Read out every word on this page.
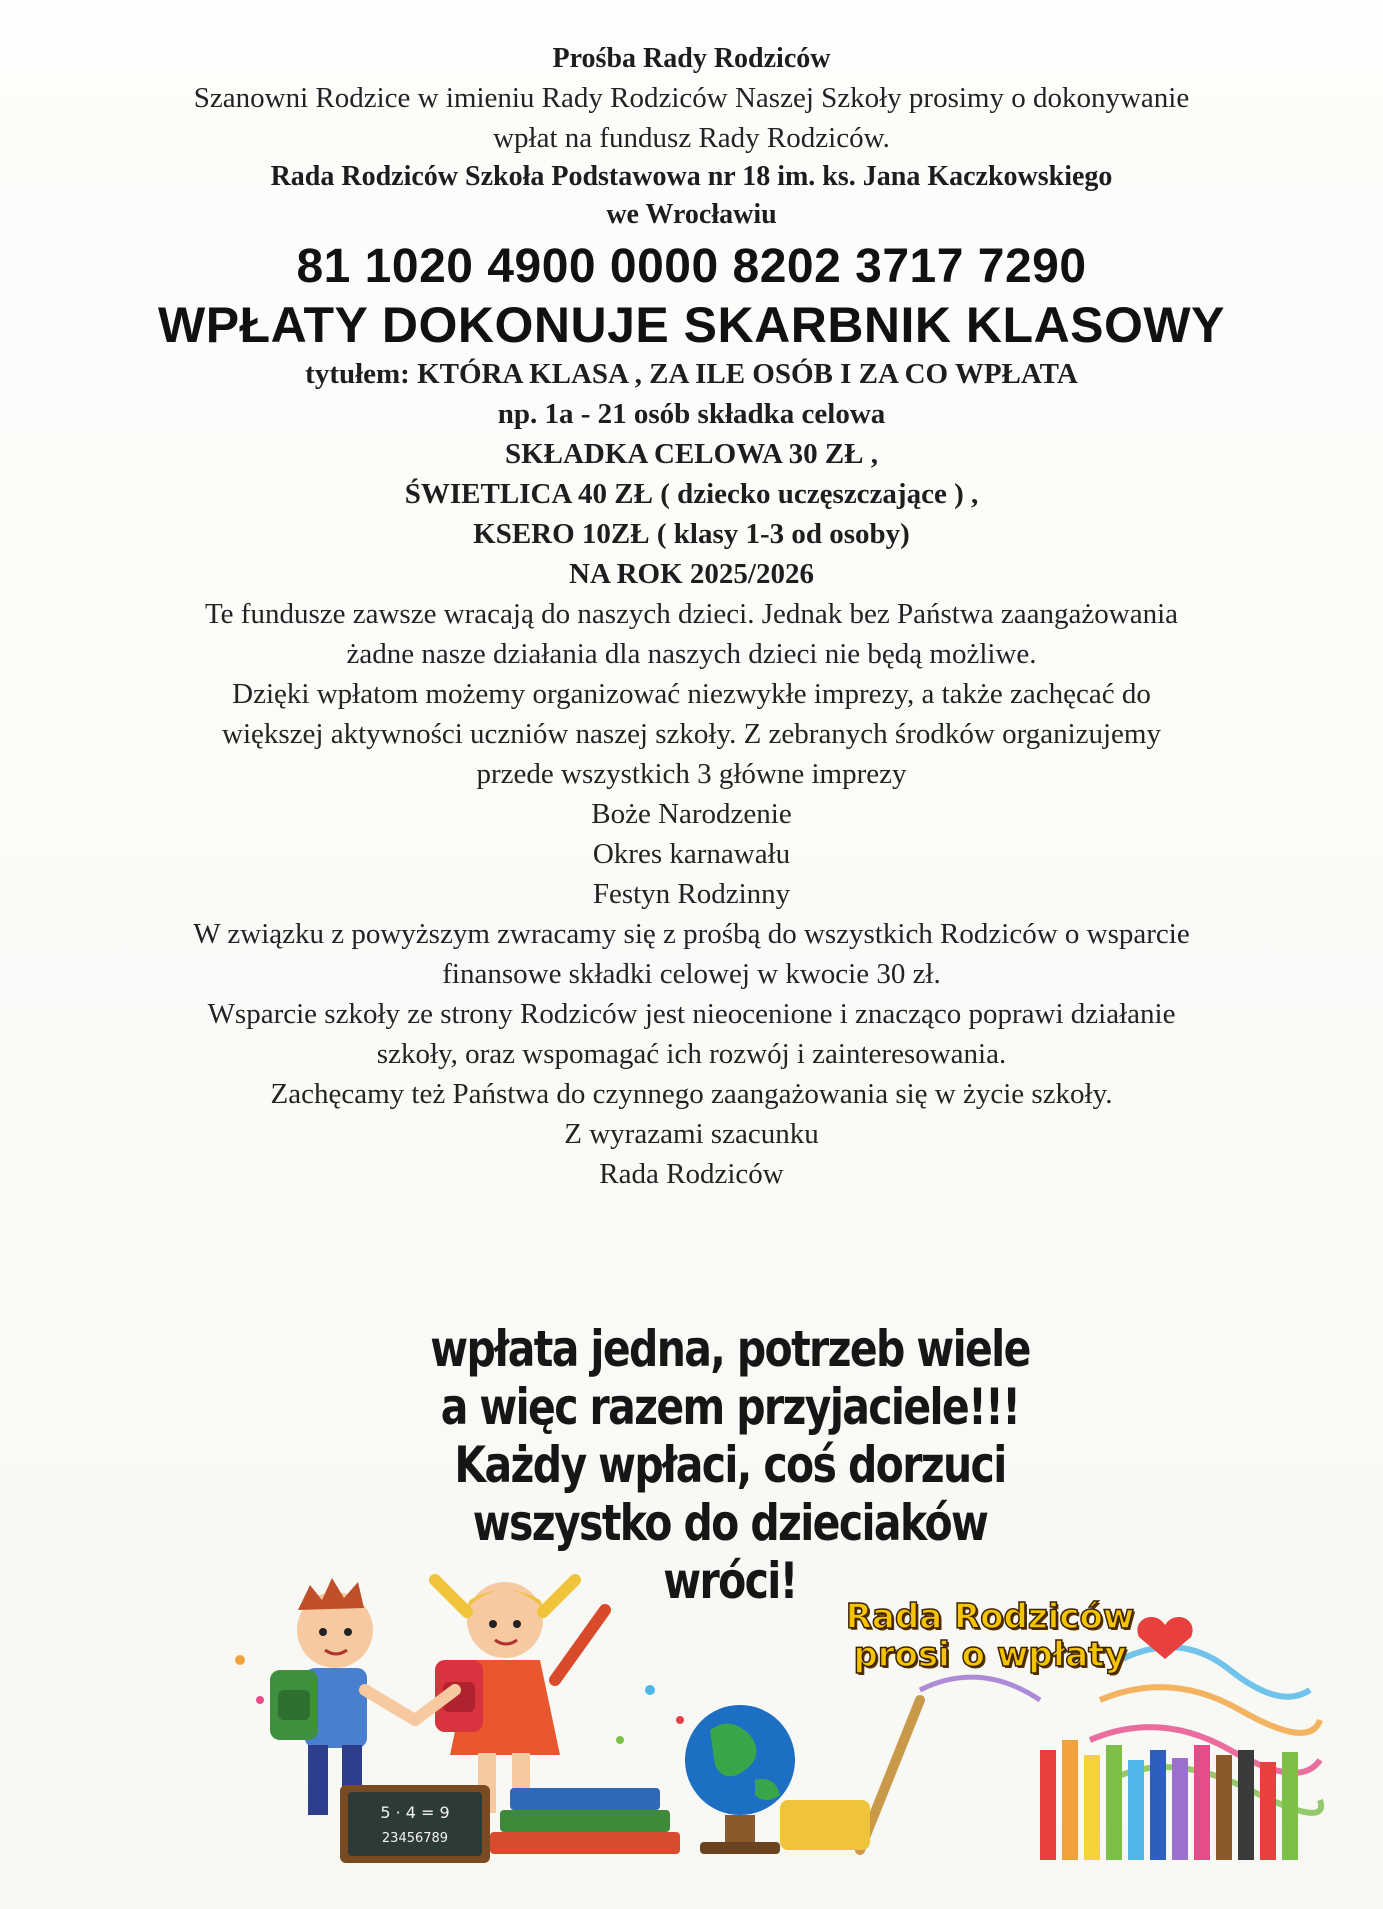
Prośba Rady Rodziców
Szanowni Rodzice w imieniu Rady Rodziców Naszej Szkoły prosimy o dokonywanie
wpłat na fundusz Rady Rodziców.
Rada Rodziców Szkoła Podstawowa nr 18 im. ks. Jana Kaczkowskiego
we Wrocławiu
81 1020 4900 0000 8202 3717 7290
WPŁATY DOKONUJE SKARBNIK KLASOWY
tytułem: KTÓRA KLASA , ZA ILE OSÓB I ZA CO WPŁATA
np. 1a - 21 osób składka celowa
SKŁADKA CELOWA 30 ZŁ ,
ŚWIETLICA 40 ZŁ ( dziecko uczęszczające ) ,
KSERO 10ZŁ ( klasy 1-3 od osoby)
NA ROK 2025/2026
Te fundusze zawsze wracają do naszych dzieci. Jednak bez Państwa zaangażowania
żadne nasze działania dla naszych dzieci nie będą możliwe.
Dzięki wpłatom możemy organizować niezwykłe imprezy, a także zachęcać do
większej aktywności uczniów naszej szkoły. Z zebranych środków organizujemy
przede wszystkich 3 główne imprezy
Boże Narodzenie
Okres karnawału
Festyn Rodzinny
W związku z powyższym zwracamy się z prośbą do wszystkich Rodziców o wsparcie
finansowe składki celowej w kwocie 30 zł.
Wsparcie szkoły ze strony Rodziców jest nieocenione i znacząco poprawi działanie
szkoły, oraz wspomagać ich rozwój i zainteresowania.
Zachęcamy też Państwa do czynnego zaangażowania się w życie szkoły.
Z wyrazami szacunku
Rada Rodziców
wpłata jedna, potrzeb wiele
a więc razem przyjaciele!!!
Każdy wpłaci, coś dorzuci
wszystko do dzieciaków wróci!
5 · 4 = 9
23456789
Rada Rodziców
prosi o wpłaty
